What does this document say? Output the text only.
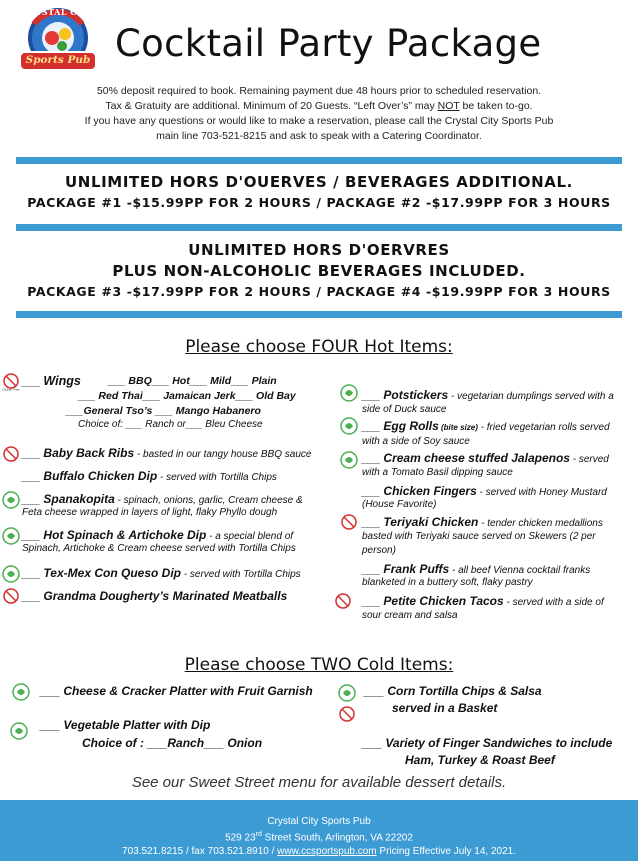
CRYSTAL CITY
Sports Pub Cocktail Party Package
50% deposit required to book. Remaining payment due 48 hours prior to scheduled reservation.
Tax & Gratuity are additional. Minimum of 20 Guests. “Left Over’s” may NOT be taken to-go.
If you have any questions or would like to make a reservation, please call the Crystal City Sports Pub
main line 703-521-8215 and ask to speak with a Catering Coordinator.
UNLIMITED HORS D'OUERVES / BEVERAGES ADDITIONAL.
PACKAGE #1 -$15.99PP FOR 2 HOURS / PACKAGE #2 -$17.99PP FOR 3 HOURS
UNLIMITED HORS D'OERVRES
PLUS NON-ALCOHOLIC BEVERAGES INCLUDED.
PACKAGE #3 -$17.99PP FOR 2 HOURS / PACKAGE #4 -$19.99PP FOR 3 HOURS
Please choose FOUR Hot Items:
Gluten Free
___ Wings	___ BBQ___ Hot___ Mild___ Plain
___ Red Thai___ Jamaican Jerk___ Old Bay
___General Tso’s ___ Mango Habanero
Choice of: ___ Ranch or___ Bleu Cheese
___ Baby Back Ribs - basted in our tangy house BBQ sauce
___ Buffalo Chicken Dip - served with Tortilla Chips
___ Spanakopita - spinach, onions, garlic, Cream cheese &
Feta cheese wrapped in layers of light, flaky Phyllo dough
___ Hot Spinach & Artichoke Dip - a special blend of
Spinach, Artichoke & Cream cheese served with Tortilla Chips
___ Tex-Mex Con Queso Dip - served with Tortilla Chips
___ Grandma Dougherty’s Marinated Meatballs
___ Potstickers - vegetarian dumplings served with a
side of Duck sauce
___ Egg Rolls (bite size) - fried vegetarian rolls served
with a side of Soy sauce
___ Cream cheese stuffed Jalapenos - served
with a Tomato Basil dipping sauce
___ Chicken Fingers - served with Honey Mustard
(House Favorite)
___ Teriyaki Chicken - tender chicken medallions
basted with Teriyaki sauce served on Skewers (2 per
person)
___ Frank Puffs - all beef Vienna cocktail franks
blanketed in a buttery soft, flaky pastry
___ Petite Chicken Tacos - served with a side of
sour cream and salsa
Please choose TWO Cold Items:
___ Cheese & Cracker Platter with Fruit Garnish
___ Vegetable Platter with Dip
Choice of : ___Ranch___ Onion
___ Corn Tortilla Chips & Salsa
served in a Basket
___ Variety of Finger Sandwiches to include
Ham, Turkey & Roast Beef
See our Sweet Street menu for available dessert details.
Crystal City Sports Pub
529 23rd Street South, Arlington, VA 22202
703.521.8215 / fax 703.521.8910 / www.ccsportspub.com Pricing Effective July 14, 2021.
